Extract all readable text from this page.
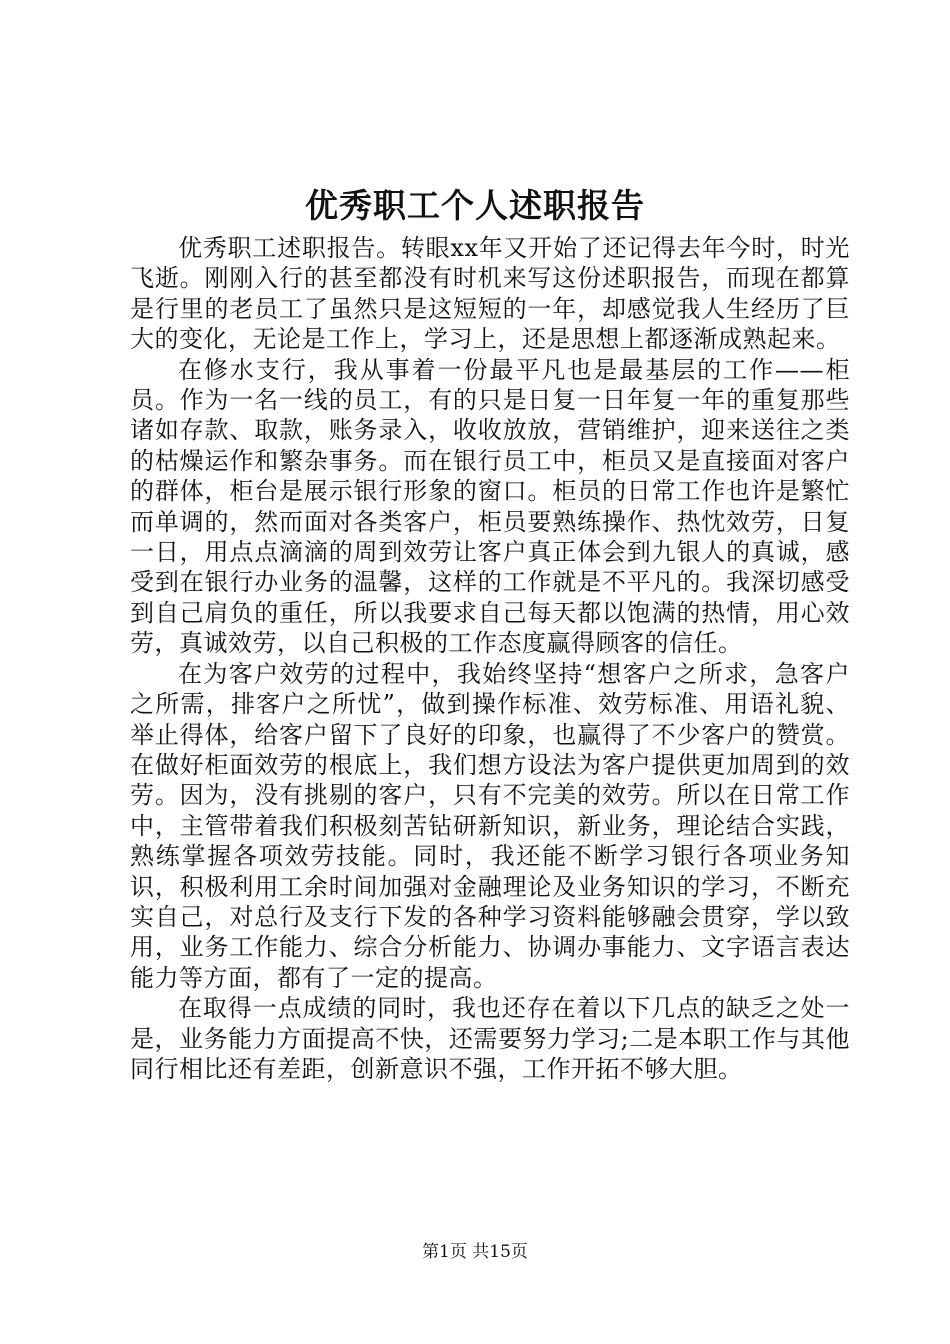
优秀职工个人述职报告

优秀职工述职报告。转眼xx年又开始了还记得去年今时，时光飞逝。刚刚入行的甚至都没有时机来写这份述职报告，而现在都算是行里的老员工了虽然只是这短短的一年，却感觉我人生经历了巨大的变化，无论是工作上，学习上，还是思想上都逐渐成熟起来。

在修水支行，我从事着一份最平凡也是最基层的工作——柜员。作为一名一线的员工，有的只是日复一日年复一年的重复那些诸如存款、取款，账务录入，收收放放，营销维护，迎来送往之类的枯燥运作和繁杂事务。而在银行员工中，柜员又是直接面对客户的群体，柜台是展示银行形象的窗口。柜员的日常工作也许是繁忙而单调的，然而面对各类客户，柜员要熟练操作、热忱效劳，日复一日，用点点滴滴的周到效劳让客户真正体会到九银人的真诚，感受到在银行办业务的温馨，这样的工作就是不平凡的。我深切感受到自己肩负的重任，所以我要求自己每天都以饱满的热情，用心效劳，真诚效劳，以自己积极的工作态度赢得顾客的信任。

在为客户效劳的过程中，我始终坚持“想客户之所求，急客户之所需，排客户之所忧”，做到操作标准、效劳标准、用语礼貌、举止得体，给客户留下了良好的印象，也赢得了不少客户的赞赏。在做好柜面效劳的根底上，我们想方设法为客户提供更加周到的效劳。因为，没有挑剔的客户，只有不完美的效劳。所以在日常工作中，主管带着我们积极刻苦钻研新知识，新业务，理论结合实践，熟练掌握各项效劳技能。同时，我还能不断学习银行各项业务知识，积极利用工余时间加强对金融理论及业务知识的学习，不断充实自己，对总行及支行下发的各种学习资料能够融会贯穿，学以致用，业务工作能力、综合分析能力、协调办事能力、文字语言表达能力等方面，都有了一定的提高。

在取得一点成绩的同时，我也还存在着以下几点的缺乏之处一是，业务能力方面提高不快，还需要努力学习;二是本职工作与其他同行相比还有差距，创新意识不强，工作开拓不够大胆。

第1页 共15页
